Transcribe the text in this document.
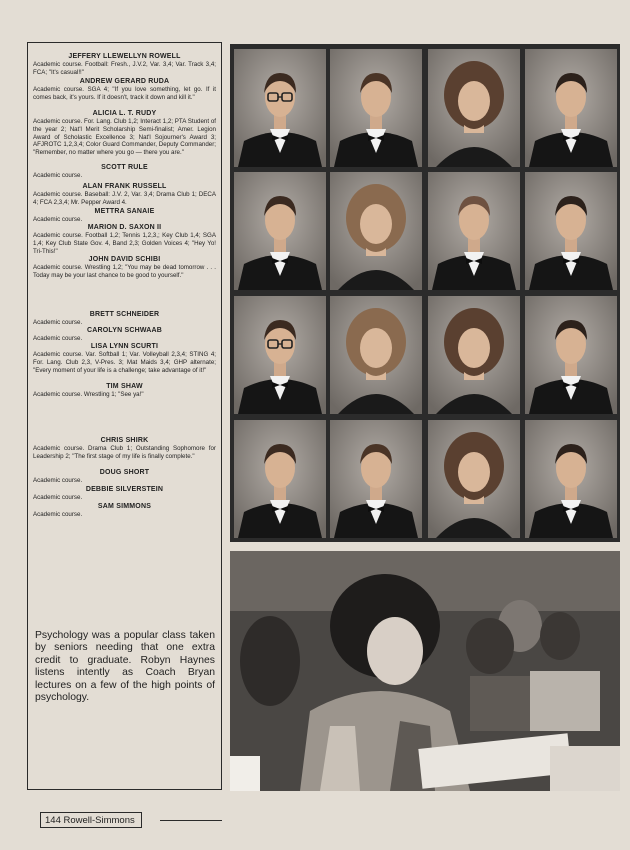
JEFFERY LLEWELLYN ROWELL
Academic course. Football: Fresh., J.V.2, Var. 3,4; Var. Track 3,4; FCA; "It's casual!!"
ANDREW GERARD RUDA
Academic course. SGA 4; "If you love something, let go. If it comes back, it's yours. If it doesn't, track it down and kill it."
ALICIA L. T. RUDY
Academic course. For. Lang. Club 1,2; Interact 1,2; PTA Student of the year 2; Nat'l Merit Scholarship Semi-finalist; Amer. Legion Award of Scholastic Excellence 3; Nat'l Sojourner's Award 3; AFJROTC 1,2,3,4; Color Guard Commander, Deputy Commander; "Remember, no matter where you go — there you are."
SCOTT RULE
Academic course.
ALAN FRANK RUSSELL
Academic course. Baseball: J.V. 2, Var. 3,4; Drama Club 1; DECA 4; FCA 2,3,4; Mr. Pepper Award 4.
METTRA SANAIE
Academic course.
MARION D. SAXON II
Academic course. Football 1,2; Tennis 1,2,3,; Key Club 1,4; SGA 1,4; Key Club State Gov. 4, Band 2,3; Golden Voices 4; "Hey Yo! Tri-This!"
JOHN DAVID SCHIBI
Academic course. Wrestling 1,2; "You may be dead tomorrow . . . Today may be your last chance to be good to yourself."
BRETT SCHNEIDER
Academic course.
CAROLYN SCHWAAB
Academic course.
LISA LYNN SCURTI
Academic course. Var. Softball 1; Var. Volleyball 2,3,4; STING 4; For. Lang. Club 2,3, V-Pres. 3; Mat Maids 3,4; GHP alternate; "Every moment of your life is a challenge; take advantage of it!"
TIM SHAW
Academic course. Wrestling 1; "See ya!"
CHRIS SHIRK
Academic course. Drama Club 1; Outstanding Sophomore for Leadership 2; "The first stage of my life is finally complete."
DOUG SHORT
Academic course.
DEBBIE SILVERSTEIN
Academic course.
SAM SIMMONS
Academic course.
Psychology was a popular class taken by seniors needing that one extra credit to graduate. Robyn Haynes listens intently as Coach Bryan lectures on a few of the high points of psychology.
144 Rowell-Simmons
